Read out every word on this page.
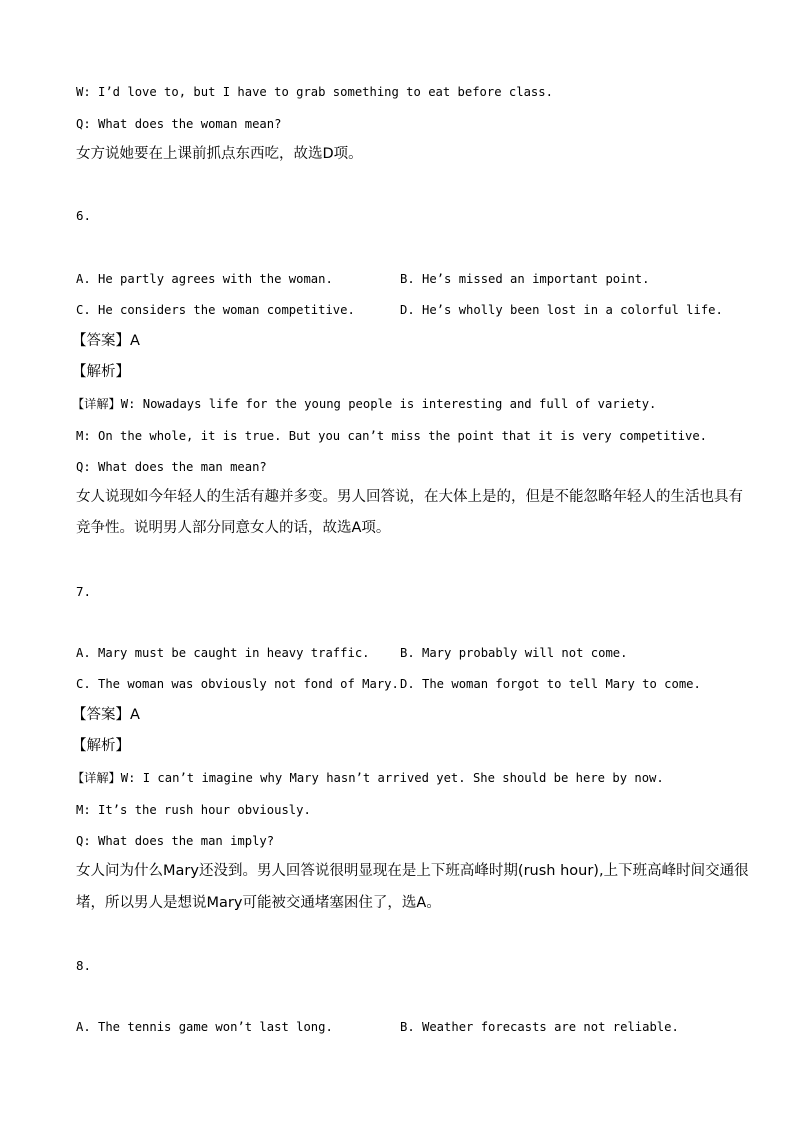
W: I’d love to, but I have to grab something to eat before class.
Q: What does the woman mean?
女方说她要在上课前抓点东西吃，故选D项。
6.
A. He partly agrees with the woman.	B. He’s missed an important point.
C. He considers the woman competitive.	D. He’s wholly been lost in a colorful life.
【答案】A
【解析】
【详解】W: Nowadays life for the young people is interesting and full of variety.
M: On the whole, it is true. But you can’t miss the point that it is very competitive.
Q: What does the man mean?
女人说现如今年轻人的生活有趣并多变。男人回答说，在大体上是的，但是不能忽略年轻人的生活也具有
竞争性。说明男人部分同意女人的话，故选A项。
7.
A. Mary must be caught in heavy traffic.	B. Mary probably will not come.
C. The woman was obviously not fond of Mary. D. The woman forgot to tell Mary to come.
【答案】A
【解析】
【详解】W: I can’t imagine why Mary hasn’t arrived yet. She should be here by now.
M: It’s the rush hour obviously.
Q: What does the man imply?
女人问为什么Mary还没到。男人回答说很明显现在是上下班高峰时期(rush hour),上下班高峰时间交通很
堵，所以男人是想说Mary可能被交通堵塞困住了，选A。
8.
A. The tennis game won’t last long.	B. Weather forecasts are not reliable.
